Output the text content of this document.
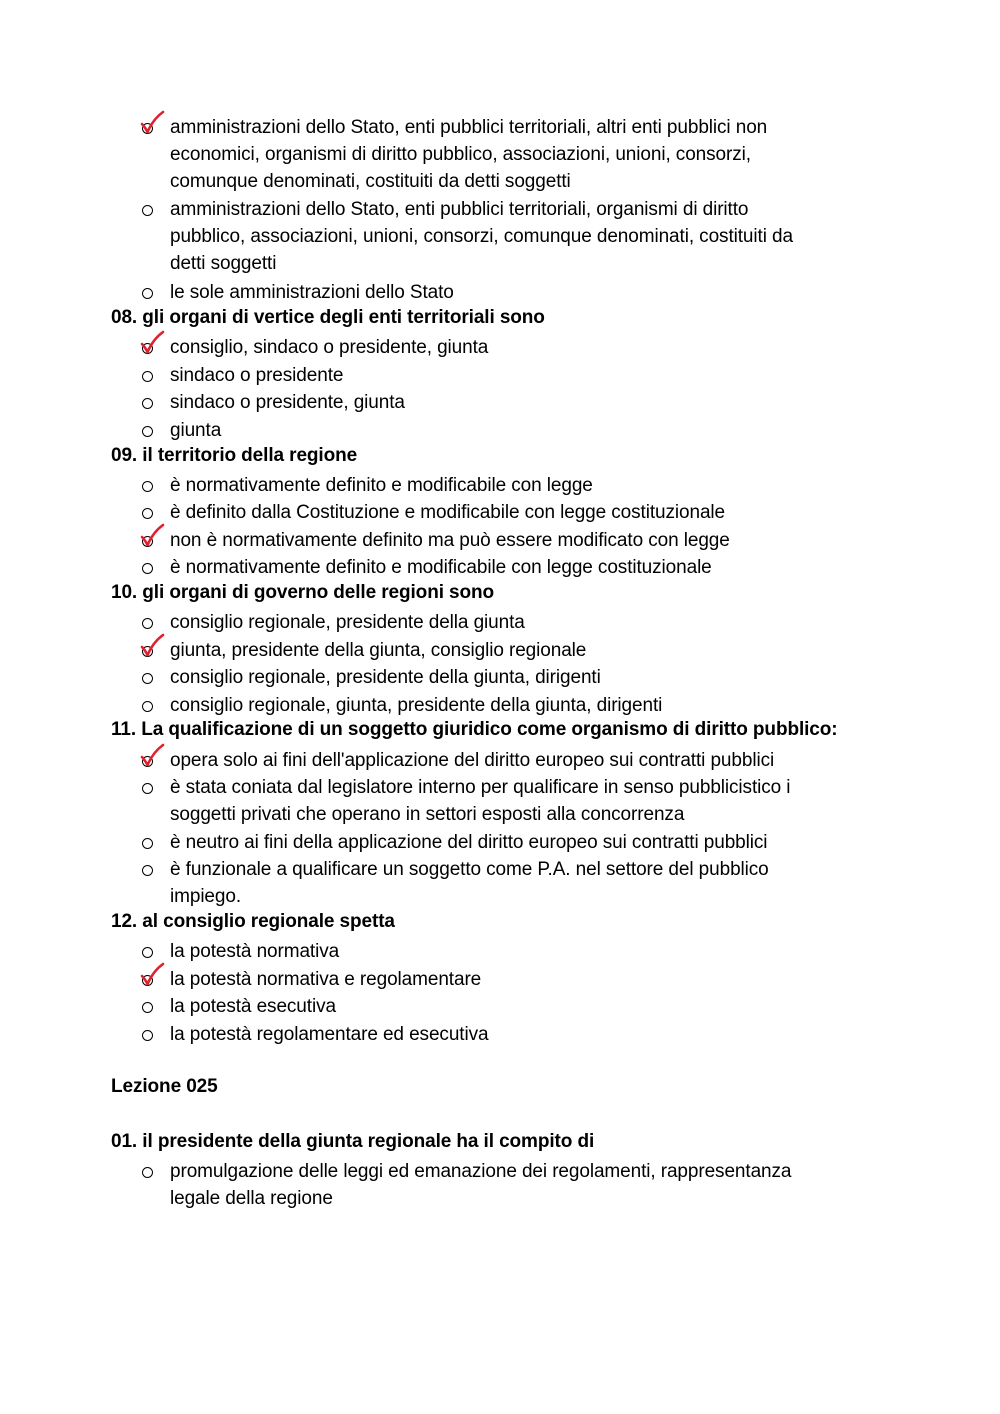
amministrazioni dello Stato, enti pubblici territoriali, altri enti pubblici non
economici, organismi di diritto pubblico, associazioni, unioni, consorzi,
comunque denominati, costituiti da detti soggetti
amministrazioni dello Stato, enti pubblici territoriali, organismi di diritto
pubblico, associazioni, unioni, consorzi, comunque denominati, costituiti da
detti soggetti
le sole amministrazioni dello Stato
08. gli organi di vertice degli enti territoriali sono
consiglio, sindaco o presidente, giunta
sindaco o presidente
sindaco o presidente, giunta
giunta
09. il territorio della regione
è normativamente definito e modificabile con legge
è definito dalla Costituzione e modificabile con legge costituzionale
non è normativamente definito ma può essere modificato con legge
è normativamente definito e modificabile con legge costituzionale
10. gli organi di governo delle regioni sono
consiglio regionale, presidente della giunta
giunta, presidente della giunta, consiglio regionale
consiglio regionale, presidente della giunta, dirigenti
consiglio regionale, giunta, presidente della giunta, dirigenti
11. La qualificazione di un soggetto giuridico come organismo di diritto pubblico:
opera solo ai fini dell'applicazione del diritto europeo sui contratti pubblici
è stata coniata dal legislatore interno per qualificare in senso pubblicistico i
soggetti privati che operano in settori esposti alla concorrenza
è neutro ai fini della applicazione del diritto europeo sui contratti pubblici
è funzionale a qualificare un soggetto come P.A. nel settore del pubblico
impiego.
12. al consiglio regionale spetta
la potestà normativa
la potestà normativa e regolamentare
la potestà esecutiva
la potestà regolamentare ed esecutiva
Lezione 025
01. il presidente della giunta regionale ha il compito di
promulgazione delle leggi ed emanazione dei regolamenti, rappresentanza
legale della regione
